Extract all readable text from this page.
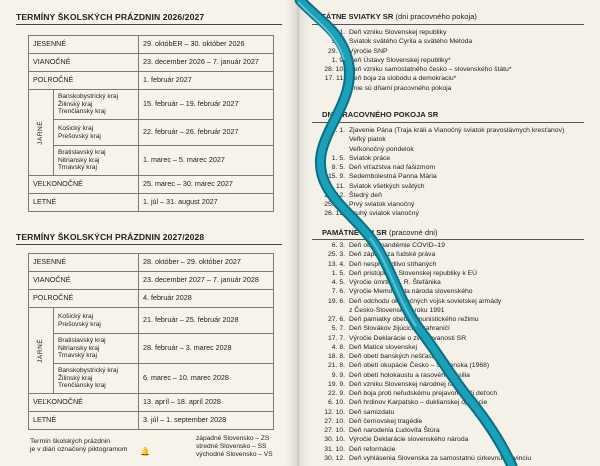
TERMÍNY ŠKOLSKÝCH PRÁZDNIN 2026/2027
JESENNÉ		29. októbER – 30. október 2026
VIANOČNÉ		23. december 2026 – 7. január 2027
POLROČNÉ		1. február 2027
JARNÉ	Banskobystrický kraj
Žilinský kraj
Trenčiansky kraj	15. február – 19. február 2027

	Košický kraj
Prešovský kraj	22. február – 26. február 2027

	Bratislavský kraj
Nitriansky kraj
Trnavský kraj	1. marec – 5. marec 2027
VEĽKONOČNÉ		25. marec – 30. marec 2027
LETNÉ		1. júl – 31. august 2027
TERMÍNY ŠKOLSKÝCH PRÁZDNIN 2027/2028
JESENNÉ		28. október – 29. október 2027
VIANOČNÉ		23. december 2027 – 7. január 2028
POLROČNÉ		4. február 2028
JARNÉ	Košický kraj
Prešovský kraj	21. február – 25. február 2028

	Bratislavský kraj
Nitriansky kraj
Trnavský kraj	28. február – 3. marec 2028

	Banskobystrický kraj
Žilinský kraj
Trenčiansky kraj	6. marec – 10. marec 2028
VEĽKONOČNÉ		13. apríl – 18. apríl 2028
LETNÉ		3. júl – 1. september 2028
Termín školských prázdnin
je v diári označený piktogramom 🔔
západné Slovensko – ZS
stredné Slovensko – SS
východné Slovensko – VS
ŠTÁTNE SVIATKY SR (dni pracovného pokoja)
1. 1. Deň vzniku Slovenskej republiky
5. 7. Sviatok svätého Cyrila a svätého Metoda
29. 8. Výročie SNP
1. 9. Deň Ústavy Slovenskej republiky*
28. 10. Deň vzniku samostatného česko – slovenského štátu*
17. 11. Deň boja za slobodu a demokraciu*
* nie sú dňami pracovného pokoja
DNI PRACOVNÉHO POKOJA SR
6. 1. Zjavenie Pána (Traja králi a Vianočný sviatok pravoslávnych kresťanov)
Veľký piatok
Veľkonočný pondelok
1. 5. Sviatok práce
8. 5. Deň víťazstva nad fašizmom
15. 9. Sedembolestná Panna Mária
1. 11. Sviatok všetkých svätých
24. 12. Štedrý deň
25. 12. Prvý sviatok vianočný
26. 12. Druhý sviatok vianočný
PAMÄTNÉ DNI SR (pracovné dni)
6. 3. Deň obetí pandémie COVID–19
25. 3. Deň zápasu za ľudské práva
13. 4. Deň nespravodlivo stíhaných
1. 5. Deň pristúpenia Slovenskej republiky k EÚ
4. 5. Výročie úmrtia M. R. Štefánika
7. 6. Výročie Memoranda národa slovenského
19. 6. Deň odchodu okupačných vojsk sovietskej armády
z Česko-Slovenska v roku 1991
27. 6. Deň pamiatky obetí komunistického režimu
5. 7. Deň Slovákov žijúcich v zahraničí
17. 7. Výročie Deklarácie o zvrchovanosti SR
4. 8. Deň Matice slovenskej
18. 8. Deň obetí banských nešťastí
21. 8. Deň obetí okupácie Česko – Slovenska (1968)
9. 9. Deň obetí holokaustu a rasového násilia
19. 9. Deň vzniku Slovenskej národnej rady
22. 9. Deň boja proti neľudskému prejavom voči deťoch
6. 10. Deň hrdinov Karpatsko – duklianskej operácie
12. 10. Deň samizdatu
27. 10. Deň černovskej tragédie
27. 10. Deň narodenia Ľudovíta Štúra
30. 10. Výročie Deklarácie slovenského národa
31. 10. Deň reformácie
30. 12. Deň vyhlásenia Slovenska za samostatnú cirkevnú provinciu
